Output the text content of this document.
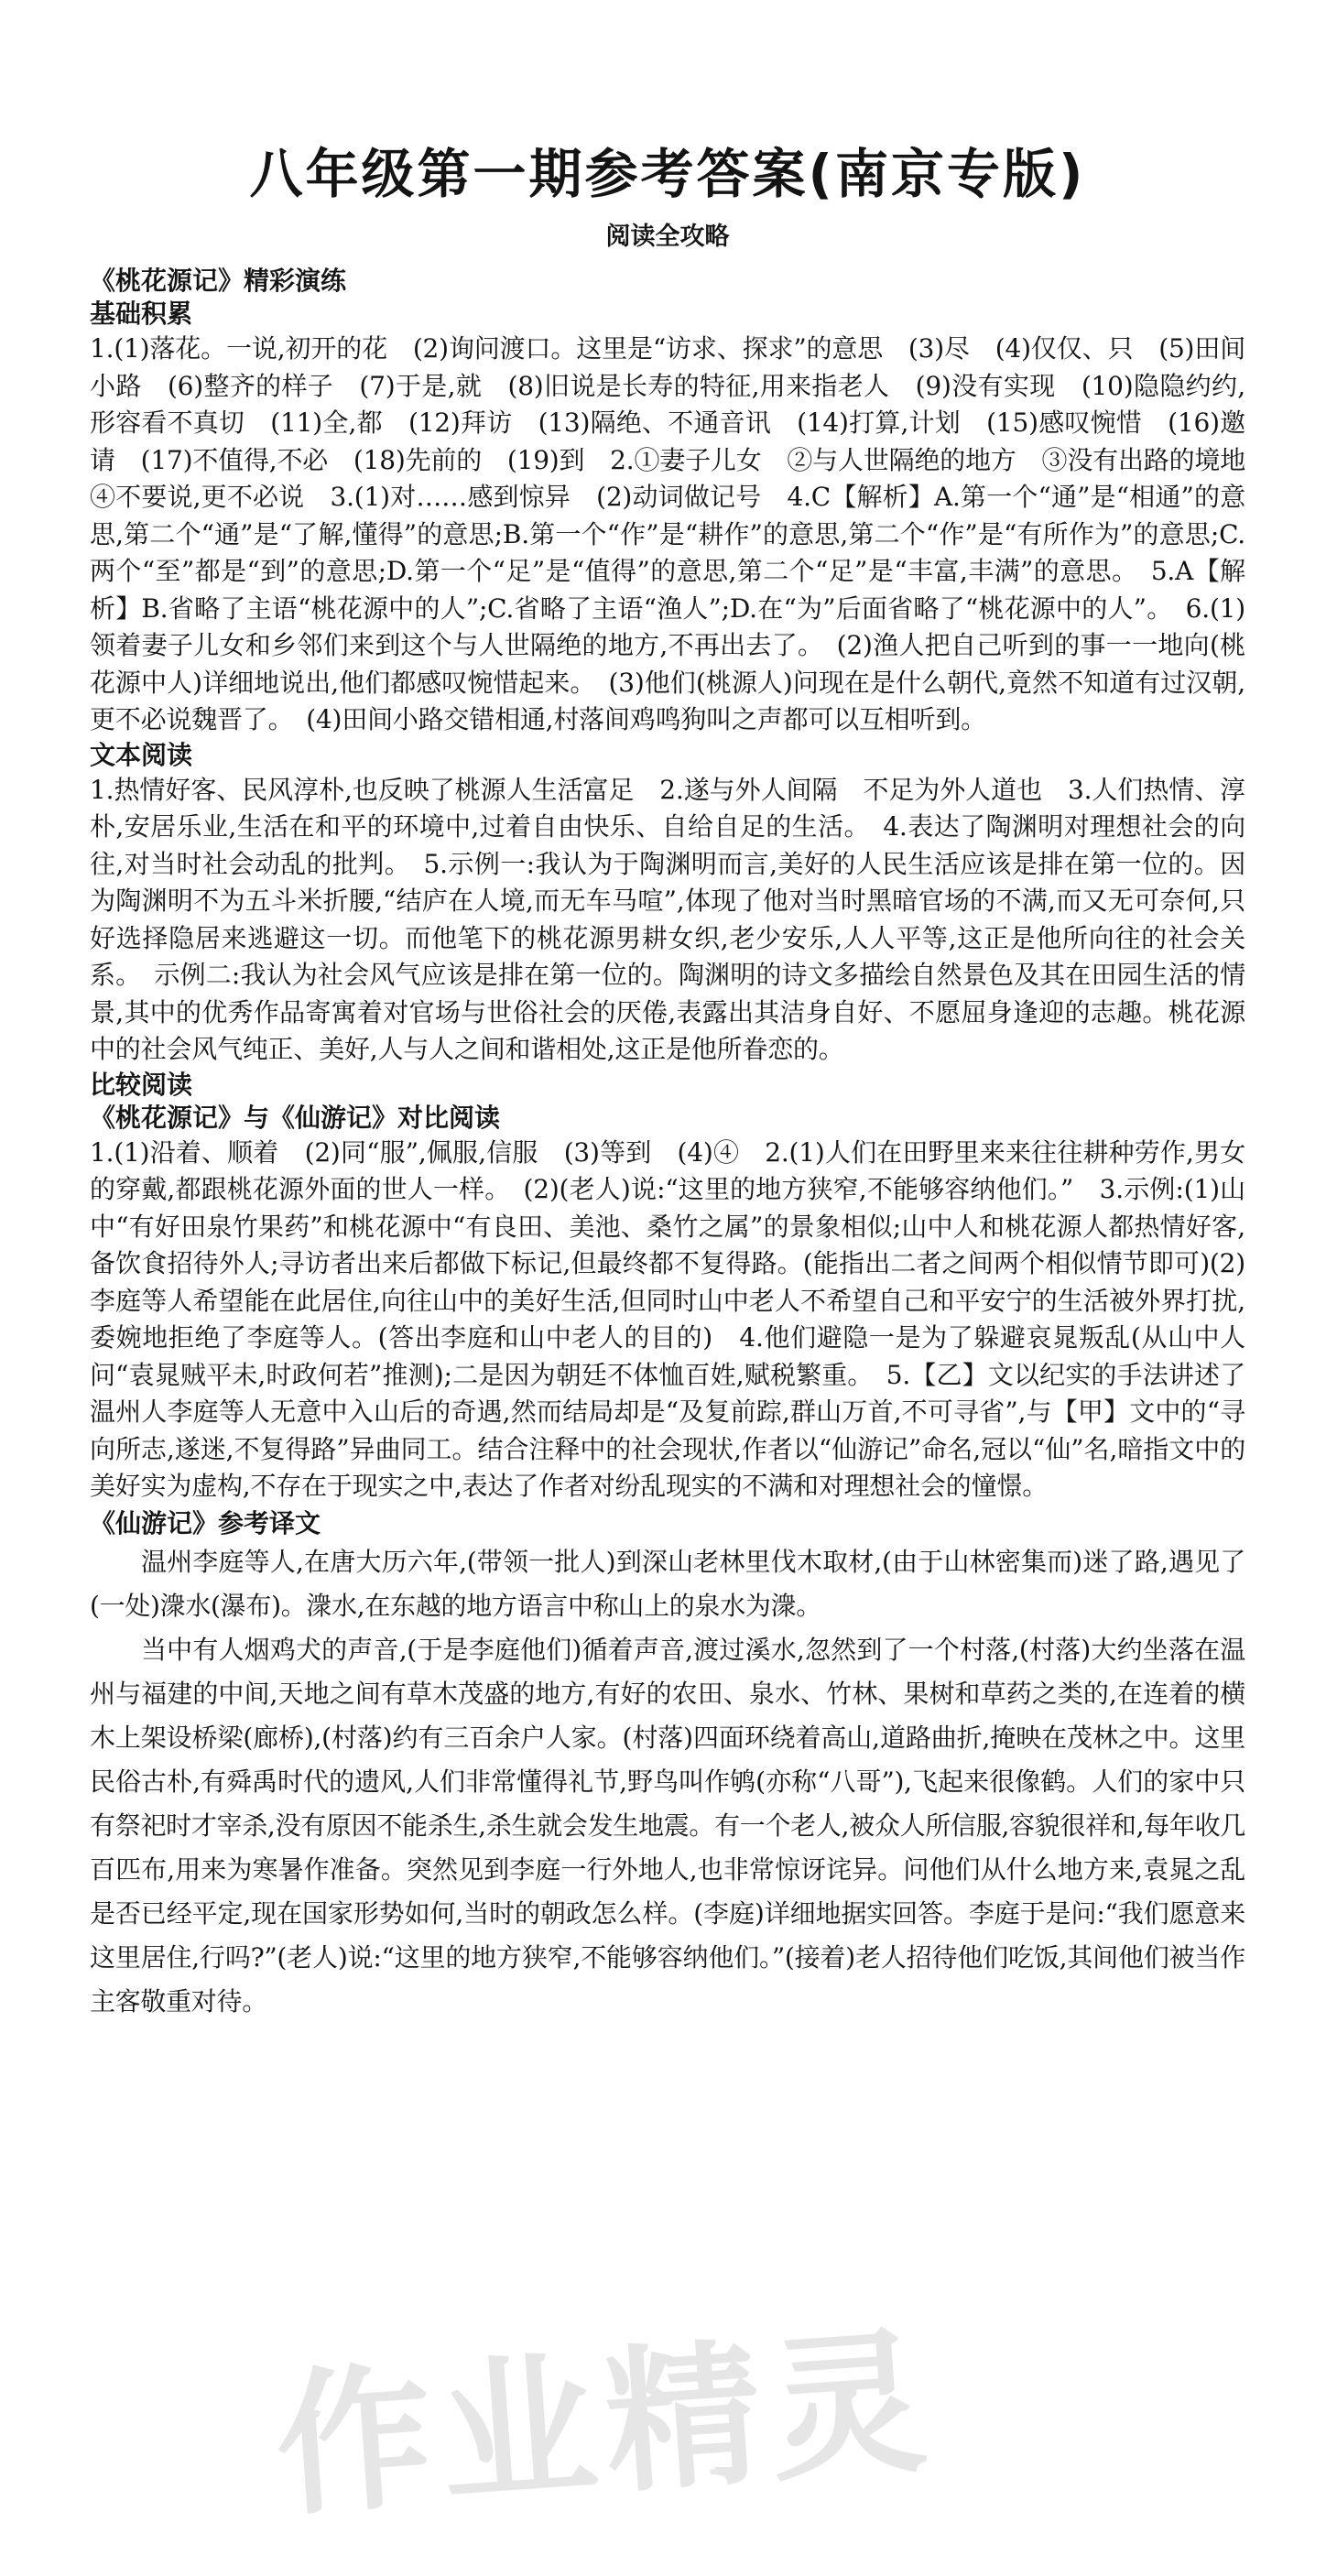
八年级第一期参考答案(南京专版)
阅读全攻略
《桃花源记》精彩演练
基础积累

1.(1)落花。一说,初开的花　(2)询问渡口。这里是“访求、探求”的意思　(3)尽　(4)仅仅、只　(5)田间小路　(6)整齐的样子　(7)于是,就　(8)旧说是长寿的特征,用来指老人　(9)没有实现　(10)隐隐约约,形容看不真切　(11)全,都　(12)拜访　(13)隔绝、不通音讯　(14)打算,计划　(15)感叹惋惜　(16)邀请　(17)不值得,不必　(18)先前的　(19)到　2.①妻子儿女　②与人世隔绝的地方　③没有出路的境地　④不要说,更不必说　3.(1)对……感到惊异　(2)动词做记号　4.C【解析】A.第一个“通”是“相通”的意思,第二个“通”是“了解,懂得”的意思;B.第一个“作”是“耕作”的意思,第二个“作”是“有所作为”的意思;C.两个“至”都是“到”的意思;D.第一个“足”是“值得”的意思,第二个“足”是“丰富,丰满”的意思。　5.A【解析】B.省略了主语“桃花源中的人”;C.省略了主语“渔人”;D.在“为”后面省略了“桃花源中的人”。　6.(1)领着妻子儿女和乡邻们来到这个与人世隔绝的地方,不再出去了。　(2)渔人把自己听到的事一一地向(桃花源中人)详细地说出,他们都感叹惋惜起来。　(3)他们(桃源人)问现在是什么朝代,竟然不知道有过汉朝,更不必说魏晋了。　(4)田间小路交错相通,村落间鸡鸣狗叫之声都可以互相听到。

文本阅读

1.热情好客、民风淳朴,也反映了桃源人生活富足　2.遂与外人间隔　不足为外人道也　3.人们热情、淳朴,安居乐业,生活在和平的环境中,过着自由快乐、自给自足的生活。　4.表达了陶渊明对理想社会的向往,对当时社会动乱的批判。　5.示例一:我认为于陶渊明而言,美好的人民生活应该是排在第一位的。因为陶渊明不为五斗米折腰,“结庐在人境,而无车马喧”,体现了他对当时黑暗官场的不满,而又无可奈何,只好选择隐居来逃避这一切。而他笔下的桃花源男耕女织,老少安乐,人人平等,这正是他所向往的社会关系。　示例二:我认为社会风气应该是排在第一位的。陶渊明的诗文多描绘自然景色及其在田园生活的情景,其中的优秀作品寄寓着对官场与世俗社会的厌倦,表露出其洁身自好、不愿屈身逢迎的志趣。桃花源中的社会风气纯正、美好,人与人之间和谐相处,这正是他所眷恋的。

比较阅读
《桃花源记》与《仙游记》对比阅读

1.(1)沿着、顺着　(2)同“服”,佩服,信服　(3)等到　(4)④　2.(1)人们在田野里来来往往耕种劳作,男女的穿戴,都跟桃花源外面的世人一样。　(2)(老人)说:“这里的地方狭窄,不能够容纳他们。”　3.示例:(1)山中“有好田泉竹果药”和桃花源中“有良田、美池、桑竹之属”的景象相似;山中人和桃花源人都热情好客,备饮食招待外人;寻访者出来后都做下标记,但最终都不复得路。(能指出二者之间两个相似情节即可)(2)李庭等人希望能在此居住,向往山中的美好生活,但同时山中老人不希望自己和平安宁的生活被外界打扰,委婉地拒绝了李庭等人。(答出李庭和山中老人的目的)　4.他们避隐一是为了躲避哀晁叛乱(从山中人问“袁晁贼平未,时政何若”推测);二是因为朝廷不体恤百姓,赋税繁重。　5.【乙】文以纪实的手法讲述了温州人李庭等人无意中入山后的奇遇,然而结局却是“及复前踪,群山万首,不可寻省”,与【甲】文中的“寻向所志,遂迷,不复得路”异曲同工。结合注释中的社会现状,作者以“仙游记”命名,冠以“仙”名,暗指文中的美好实为虚构,不存在于现实之中,表达了作者对纷乱现实的不满和对理想社会的憧憬。

《仙游记》参考译文

温州李庭等人,在唐大历六年,(带领一批人)到深山老林里伐木取材,(由于山林密集而)迷了路,遇见了(一处)潨水(瀑布)。潨水,在东越的地方语言中称山上的泉水为潨。

当中有人烟鸡犬的声音,(于是李庭他们)循着声音,渡过溪水,忽然到了一个村落,(村落)大约坐落在温州与福建的中间,天地之间有草木茂盛的地方,有好的农田、泉水、竹林、果树和草药之类的,在连着的横木上架设桥梁(廊桥),(村落)约有三百余户人家。(村落)四面环绕着高山,道路曲折,掩映在茂林之中。这里民俗古朴,有舜禹时代的遗风,人们非常懂得礼节,野鸟叫作鸲(亦称“八哥”),飞起来很像鹤。人们的家中只有祭祀时才宰杀,没有原因不能杀生,杀生就会发生地震。有一个老人,被众人所信服,容貌很祥和,每年收几百匹布,用来为寒暑作准备。突然见到李庭一行外地人,也非常惊讶诧异。问他们从什么地方来,袁晁之乱是否已经平定,现在国家形势如何,当时的朝政怎么样。(李庭)详细地据实回答。李庭于是问:“我们愿意来这里居住,行吗?”(老人)说:“这里的地方狭窄,不能够容纳他们。”(接着)老人招待他们吃饭,其间他们被当作主客敬重对待。

作业精灵
